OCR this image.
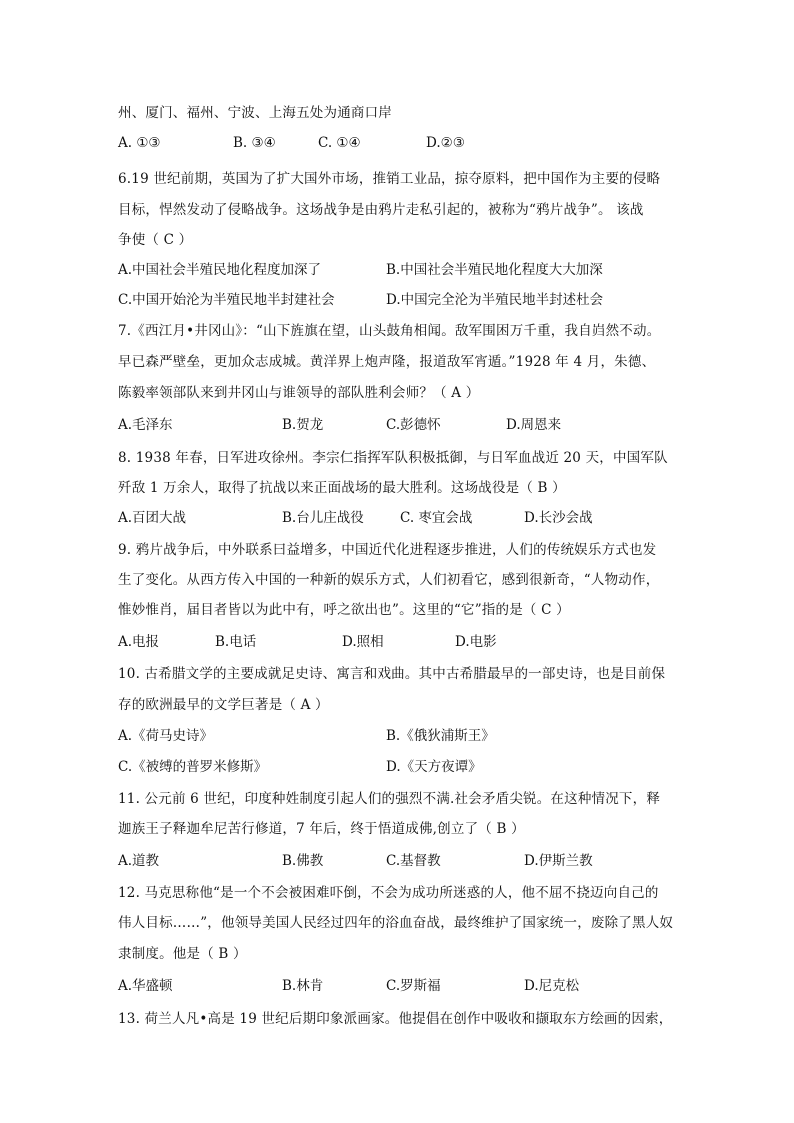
州、厦门、福州、宁波、上海五处为通商口岸
A. ①③	B. ③④	C. ①④	D.②③
6.19 世纪前期，英国为了扩大国外市场，推销工业品，掠夺原料，把中国作为主要的侵略
目标，悍然发动了侵略战争。这场战争是由鸦片走私引起的，被称为“鸦片战争”。 该战
争使（ C ）
A.中国社会半殖民地化程度加深了	B.中国社会半殖民地化程度大大加深
C.中国开始沦为半殖民地半封建社会	D.中国完全沦为半殖民地半封述杜会
7.《西江月•井冈山》：“山下旌旗在望，山头鼓角相闻。敌军围困万千重，我自岿然不动。
早已森严壁垒，更加众志成城。黄洋界上炮声隆，报道敌军宵遁。”1928 年 4 月，朱德、
陈毅率领部队来到井冈山与谁领导的部队胜利会师？（ A ）
A.毛泽东	B.贺龙	C.彭德怀	D.周恩来
8. 1938 年春，日军进攻徐州。李宗仁指挥军队积极抵御，与日军血战近 20 天，中国军队
歼敌 1 万余人，取得了抗战以来正面战场的最大胜利。这场战役是（ B ）
A.百团大战	B.台儿庄战役	C. 枣宜会战	D.长沙会战
9. 鸦片战争后，中外联系曰益增多，中国近代化进程逐步推进，人们的传统娱乐方式也发
生了变化。从西方传入中国的一种新的娱乐方式，人们初看它，感到很新奇，“人物动作，
惟妙惟肖，届目者皆以为此中有，呼之欲出也”。这里的“它”指的是（ C ）
A.电报	B.电话	D.照相	D.电影
10. 古希腊文学的主要成就足史诗、寓言和戏曲。其中古希腊最早的一部史诗，也是目前保
存的欧洲最早的文学巨著是（ A ）
A.《荷马史诗》	B.《俄狄浦斯王》
C.《被缚的普罗米修斯》	D.《天方夜谭》
11. 公元前 6 世纪，印度种姓制度引起人们的强烈不满.社会矛盾尖锐。在这种情况下，释
迦族王子释迦牟尼苦行修道，7 年后，终于悟道成佛,创立了（ B ）
A.道教	B.佛教	C.基督教	D.伊斯兰教
12. 马克思称他“是一个不会被困难吓倒，不会为成功所迷惑的人，他不屈不挠迈向自己的
伟人目标……”，他领导美国人民经过四年的浴血奋战，最终维护了国家统一，废除了黑人奴
隶制度。他是（ B ）
A.华盛顿	B.林肯	C.罗斯福	D.尼克松
13. 荷兰人凡•高是 19 世纪后期印象派画家。他提倡在创作中吸收和撷取东方绘画的因索，
